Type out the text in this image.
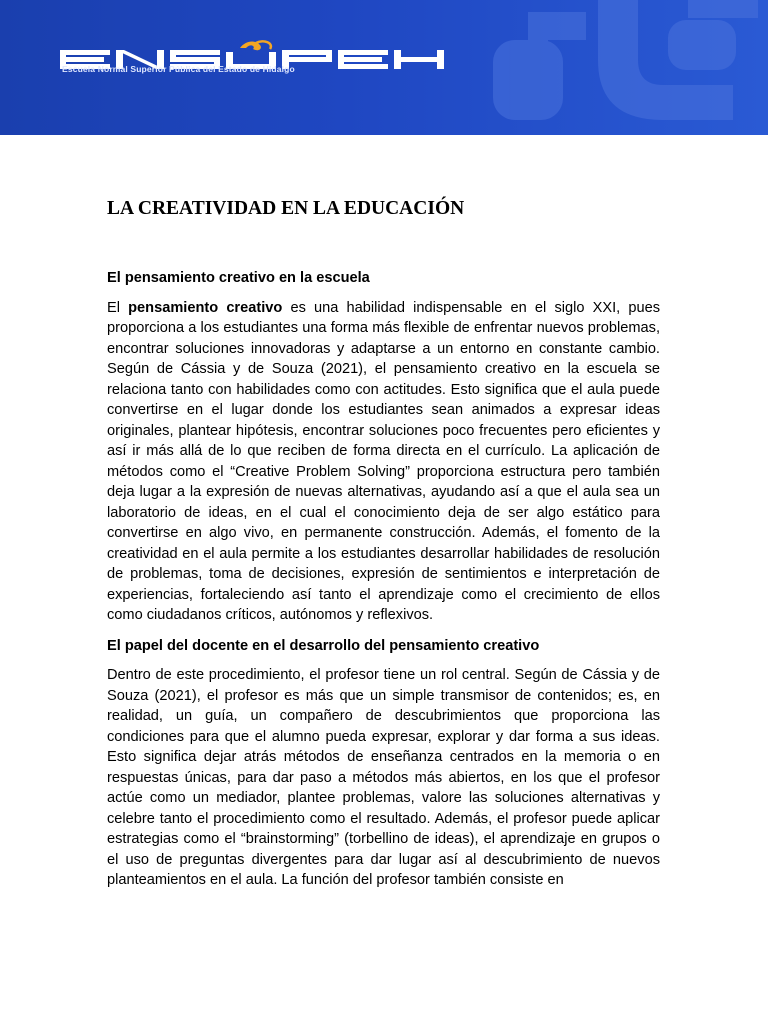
Escuela Normal Superior Pública del Estado de Hidalgo
LA CREATIVIDAD EN LA EDUCACIÓN
El pensamiento creativo en la escuela

El pensamiento creativo es una habilidad indispensable en el siglo XXI, pues proporciona a los estudiantes una forma más flexible de enfrentar nuevos problemas, encontrar soluciones innovadoras y adaptarse a un entorno en constante cambio. Según de Cássia y de Souza (2021), el pensamiento creativo en la escuela se relaciona tanto con habilidades como con actitudes. Esto significa que el aula puede convertirse en el lugar donde los estudiantes sean animados a expresar ideas originales, plantear hipótesis, encontrar soluciones poco frecuentes pero eficientes y así ir más allá de lo que reciben de forma directa en el currículo. La aplicación de métodos como el “Creative Problem Solving” proporciona estructura pero también deja lugar a la expresión de nuevas alternativas, ayudando así a que el aula sea un laboratorio de ideas, en el cual el conocimiento deja de ser algo estático para convertirse en algo vivo, en permanente construcción. Además, el fomento de la creatividad en el aula permite a los estudiantes desarrollar habilidades de resolución de problemas, toma de decisiones, expresión de sentimientos e interpretación de experiencias, fortaleciendo así tanto el aprendizaje como el crecimiento de ellos como ciudadanos críticos, autónomos y reflexivos.

El papel del docente en el desarrollo del pensamiento creativo

Dentro de este procedimiento, el profesor tiene un rol central. Según de Cássia y de Souza (2021), el profesor es más que un simple transmisor de contenidos; es, en realidad, un guía, un compañero de descubrimientos que proporciona las condiciones para que el alumno pueda expresar, explorar y dar forma a sus ideas. Esto significa dejar atrás métodos de enseñanza centrados en la memoria o en respuestas únicas, para dar paso a métodos más abiertos, en los que el profesor actúe como un mediador, plantee problemas, valore las soluciones alternativas y celebre tanto el procedimiento como el resultado. Además, el profesor puede aplicar estrategias como el “brainstorming” (torbellino de ideas), el aprendizaje en grupos o el uso de preguntas divergentes para dar lugar así al descubrimiento de nuevos planteamientos en el aula. La función del profesor también consiste en
